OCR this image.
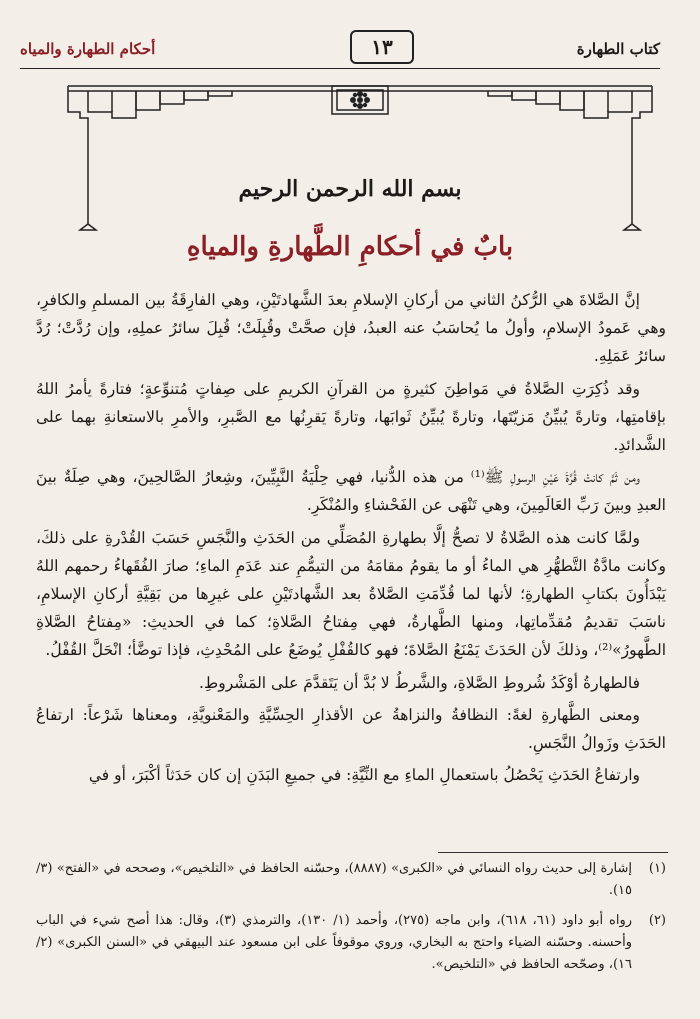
كتاب الطهارة
١٣
أحكام الطهارة والمياه
بسم الله الرحمن الرحيم
بابٌ في أحكامِ الطَّهارةِ والمياهِ

إنَّ الصَّلاةَ هي الرُّكنُ الثاني من أركانِ الإسلامِ بعدَ الشَّهادتَيْنِ، وهي الفارِقَةُ بين المسلمِ والكافرِ، وهي عَمودُ الإسلامِ، وأولُ ما يُحاسَبُ عنه العبدُ، فإن صحَّتْ وقُبِلَتْ؛ قُبِلَ سائرُ عملِهِ، وإن رُدَّتْ؛ رُدَّ سائرُ عَمَلِهِ.

وقد ذُكِرَتِ الصَّلاةُ في مَواطِنَ كثيرةٍ من القرآنِ الكريمِ على صِفاتٍ مُتنوِّعةٍ؛ فتارةً يأمرُ اللهُ بإقامتِها، وتارةً يُبيِّنُ مَزيّتَها، وتارةً يُبيِّنُ ثَوابَها، وتارةً يَقرِنُها مع الصَّبرِ، والأمرِ بالاستعانةِ بهما على الشَّدائدِ.

ومن ثَمَّ كانتْ قُرَّةَ عَيْنِ الرسولِ ﷺ⁽¹⁾ من هذه الدُّنيا، فهي حِلْيَةُ النَّبِيِّينَ، وشِعارُ الصَّالحِينَ، وهي صِلَةٌ بينَ العبدِ وبينَ رَبِّ العَالَمِينَ، وهي تَنْهَى عن الفَحْشاءِ والمُنْكَرِ.

ولمَّا كانت هذه الصَّلاةُ لا تصحُّ إلَّا بطهارةِ المُصَلِّي من الحَدَثِ والنَّجَسِ حَسَبَ القُدْرةِ على ذلكَ، وكانت مادَّةُ التَّطهُّرِ هي الماءُ أو ما يقومُ مقامَهُ من التيمُّمِ عند عَدَمِ الماءِ؛ صارَ الفُقَهاءُ رحمهم اللهُ يَبْدَأُونَ بكتابِ الطهارةِ؛ لأنها لما قُدِّمَتِ الصَّلاةُ بعد الشَّهادتَيْنِ على غيرِها من بَقِيَّةِ أركانِ الإسلامِ، ناسَبَ تقديمُ مُقدِّماتِها، ومنها الطَّهارةُ، فهي مِفتاحُ الصَّلاةِ؛ كما في الحديثِ: «مِفتاحُ الصَّلاةِ الطَّهورُ»⁽²⁾، وذلكَ لأن الحَدَثَ يَمْنَعُ الصَّلاةَ؛ فهو كالقُفْلِ يُوضَعُ على المُحْدِثِ، فإذا توضَّأ؛ انْحَلَّ القُفْلُ.

فالطهارةُ أوْكَدُ شُروطِ الصَّلاةِ، والشَّرطُ لا بُدَّ أن يَتَقدَّمَ على المَشْروطِ.

ومعنى الطَّهارةِ لغةً: النظافةُ والنزاهةُ عن الأقذارِ الحِسِّيَّةِ والمَعْنويَّةِ، ومعناها شَرْعاً: ارتفاعُ الحَدَثِ وزَوالُ النَّجَسِ.

وارتفاعُ الحَدَثِ يَحْصُلُ باستعمالِ الماءِ مع النِّيَّةِ: في جميعِ البَدَنِ إن كان حَدَثاً أكْبَرَ، أو في

(١)
إشارة إلى حديث رواه النسائي في «الكبرى» (٨٨٨٧)، وحسّنه الحافظ في «التلخيص»، وصححه في «الفتح» (٣/ ١٥).
(٢)
رواه أبو داود (٦١، ٦١٨)، وابن ماجه (٢٧٥)، وأحمد (١/ ١٣٠)، والترمذي (٣)، وقال: هذا أصح شيء في الباب وأحسنه. وحسّنه الضياء واحتج به البخاري، وروي موقوفاً على ابن مسعود عند البيهقي في «السنن الكبرى» (٢/ ١٦)، وصحّحه الحافظ في «التلخيص».
